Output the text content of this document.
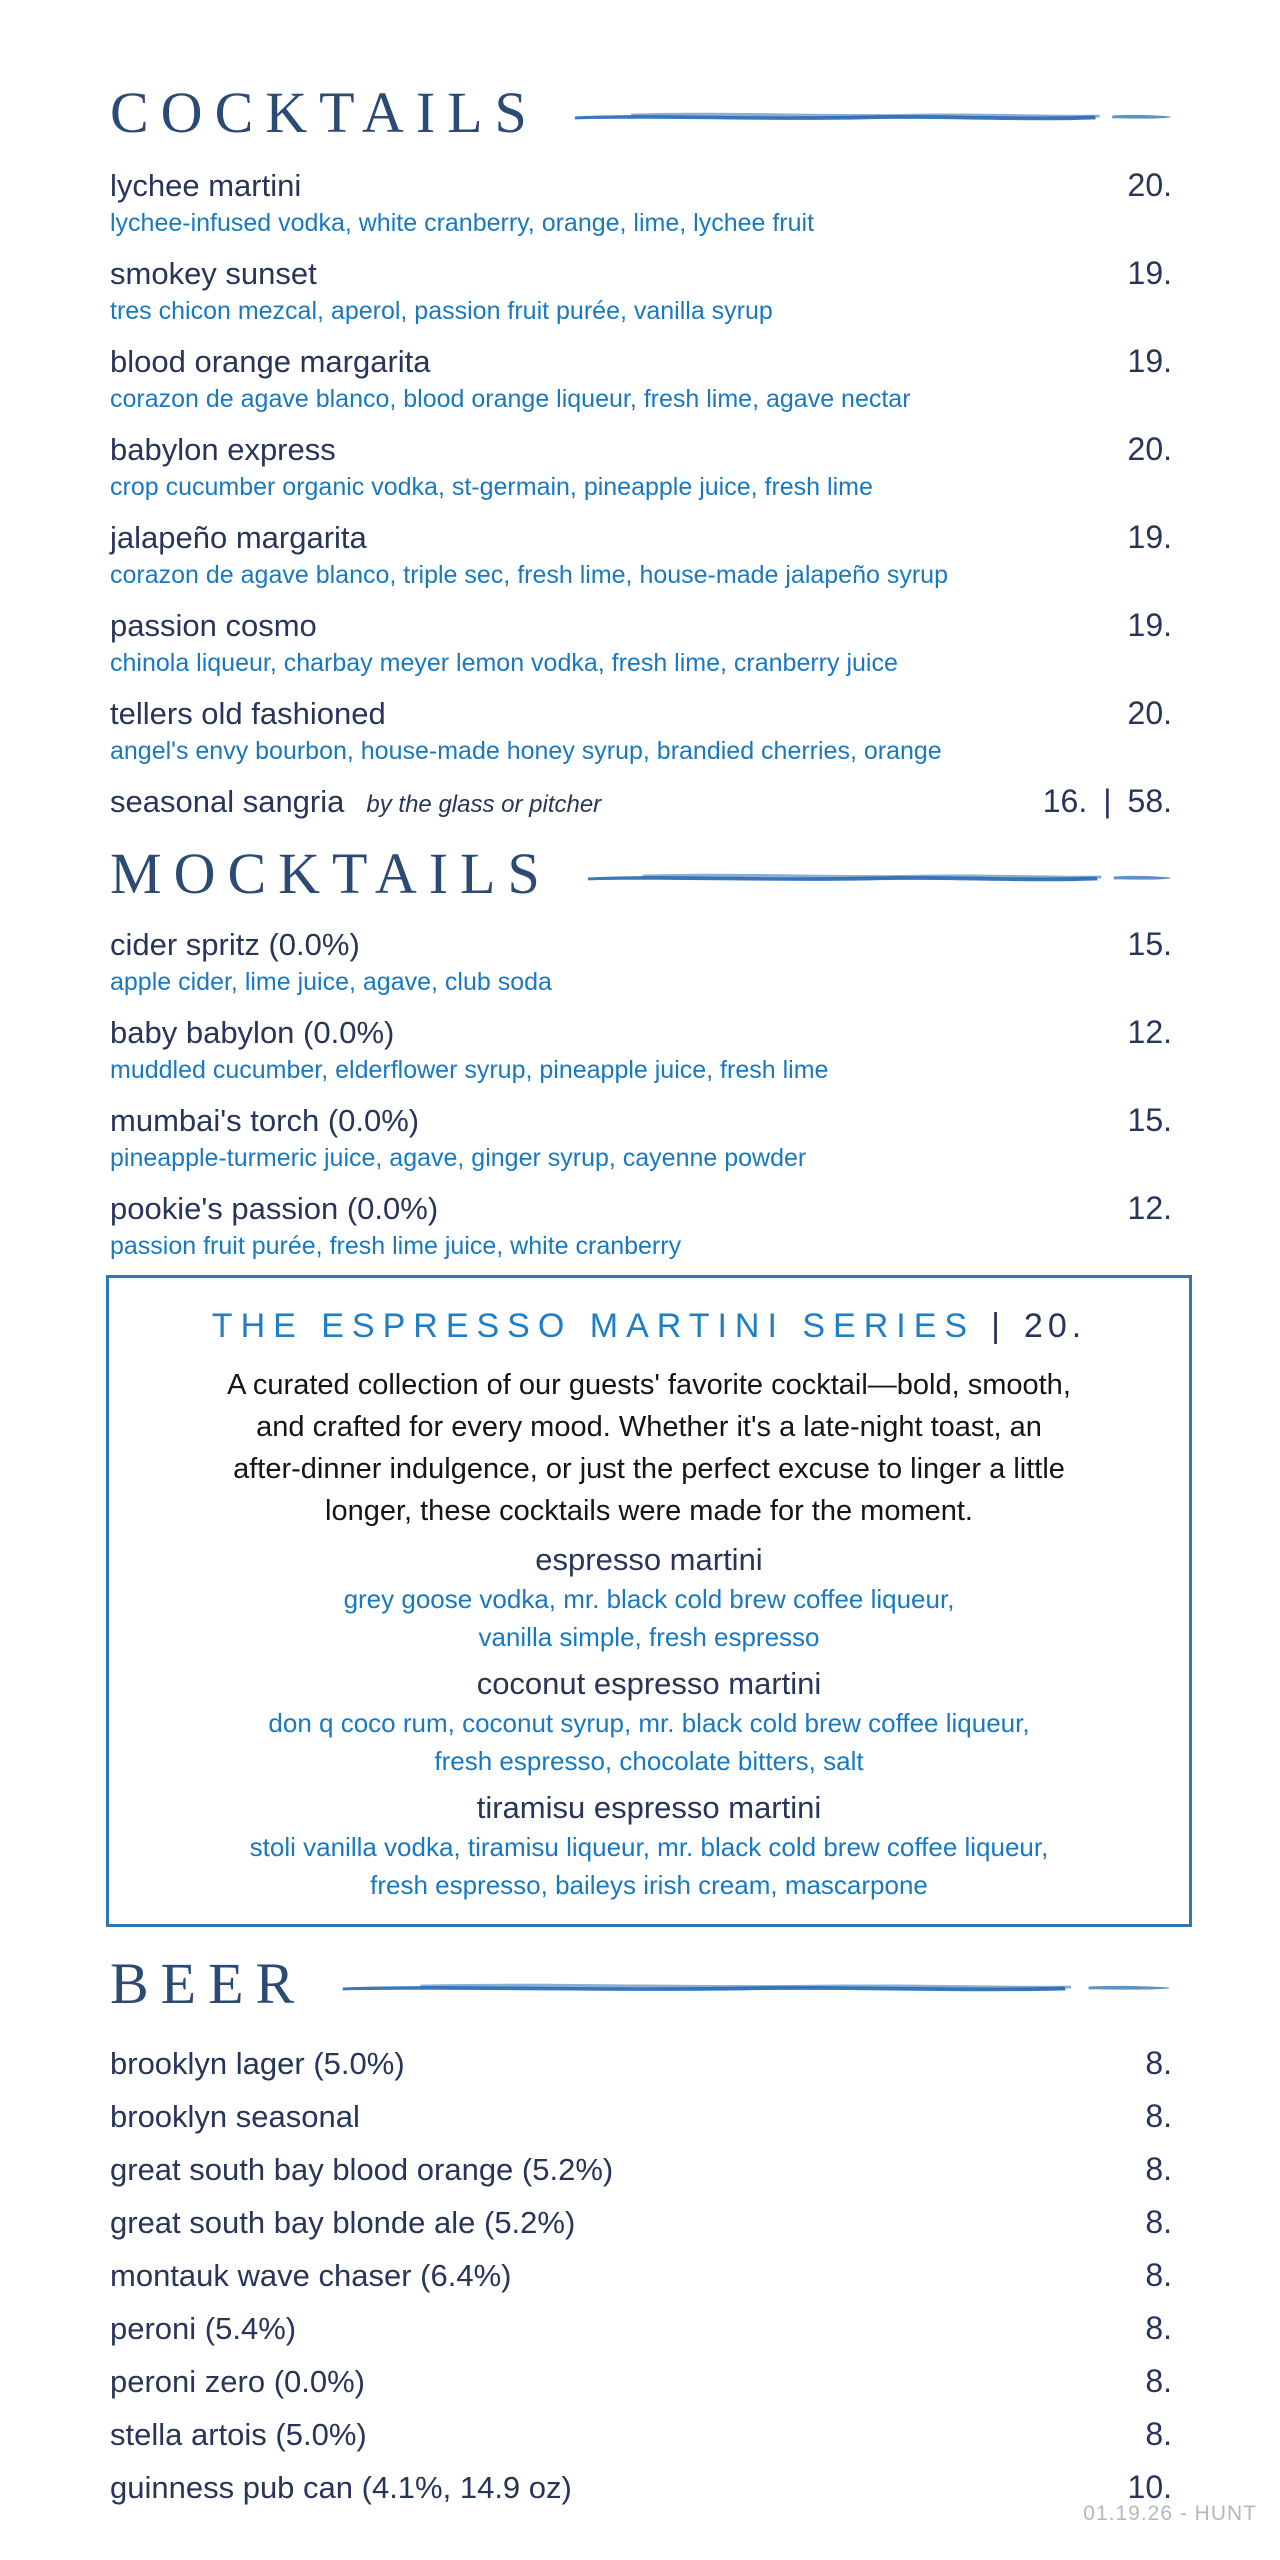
COCKTAILS
lychee martini	20.
lychee-infused vodka, white cranberry, orange, lime, lychee fruit
smokey sunset	19.
tres chicon mezcal, aperol, passion fruit purée, vanilla syrup
blood orange margarita	19.
corazon de agave blanco, blood orange liqueur, fresh lime, agave nectar
babylon express	20.
crop cucumber organic vodka, st-germain, pineapple juice, fresh lime
jalapeño margarita	19.
corazon de agave blanco, triple sec, fresh lime, house-made jalapeño syrup
passion cosmo	19.
chinola liqueur, charbay meyer lemon vodka, fresh lime, cranberry juice
tellers old fashioned	20.
angel's envy bourbon, house-made honey syrup, brandied cherries, orange
seasonal sangria by the glass or pitcher	16. | 58.
MOCKTAILS
cider spritz (0.0%)	15.
apple cider, lime juice, agave, club soda
baby babylon (0.0%)	12.
muddled cucumber, elderflower syrup, pineapple juice, fresh lime
mumbai's torch (0.0%)	15.
pineapple-turmeric juice, agave, ginger syrup, cayenne powder
pookie's passion (0.0%)	12.
passion fruit purée, fresh lime juice, white cranberry
THE ESPRESSO MARTINI SERIES | 20.
A curated collection of our guests' favorite cocktail—bold, smooth,
and crafted for every mood. Whether it's a late-night toast, an
after-dinner indulgence, or just the perfect excuse to linger a little
longer, these cocktails were made for the moment.
espresso martini
grey goose vodka, mr. black cold brew coffee liqueur,
vanilla simple, fresh espresso
coconut espresso martini
don q coco rum, coconut syrup, mr. black cold brew coffee liqueur,
fresh espresso, chocolate bitters, salt
tiramisu espresso martini
stoli vanilla vodka, tiramisu liqueur, mr. black cold brew coffee liqueur,
fresh espresso, baileys irish cream, mascarpone
BEER
brooklyn lager (5.0%)	8.
brooklyn seasonal	8.
great south bay blood orange (5.2%)	8.
great south bay blonde ale (5.2%)	8.
montauk wave chaser (6.4%)	8.
peroni (5.4%)	8.
peroni zero (0.0%)	8.
stella artois (5.0%)	8.
guinness pub can (4.1%, 14.9 oz)	10.
01.19.26 - HUNT
